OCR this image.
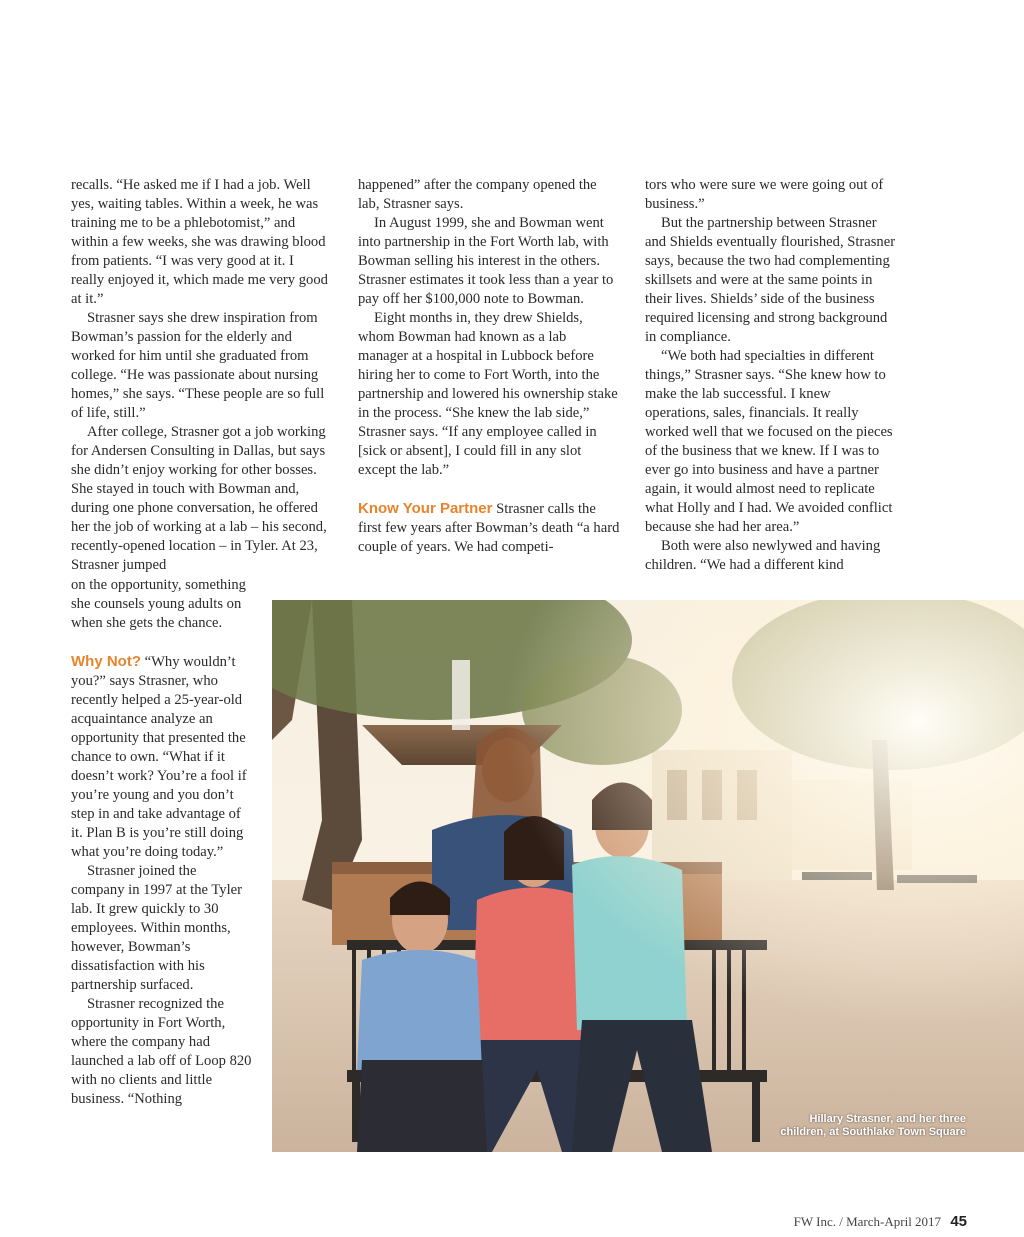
recalls. “He asked me if I had a job. Well yes, waiting tables. Within a week, he was training me to be a phlebotomist,” and within a few weeks, she was drawing blood from patients. “I was very good at it. I really enjoyed it, which made me very good at it.”

Strasner says she drew inspiration from Bowman’s passion for the elderly and worked for him until she graduated from college. “He was passionate about nursing homes,” she says. “These people are so full of life, still.”

After college, Strasner got a job working for Andersen Consulting in Dallas, but says she didn’t enjoy working for other bosses. She stayed in touch with Bowman and, during one phone conversation, he offered her the job of working at a lab – his second, recently-opened location – in Tyler. At 23, Strasner jumped

on the opportunity, something she counsels young adults on when she gets the chance.

Why Not? “Why wouldn’t you?” says Strasner, who recently helped a 25-year-old acquaintance analyze an opportunity that presented the chance to own. “What if it doesn’t work? You’re a fool if you’re young and you don’t step in and take advantage of it. Plan B is you’re still doing what you’re doing today.”

Strasner joined the company in 1997 at the Tyler lab. It grew quickly to 30 employees. Within months, however, Bowman’s dissatisfaction with his partnership surfaced.

Strasner recognized the opportunity in Fort Worth, where the company had launched a lab off of Loop 820 with no clients and little business. “Nothing

happened” after the company opened the lab, Strasner says.

In August 1999, she and Bowman went into partnership in the Fort Worth lab, with Bowman selling his interest in the others. Strasner estimates it took less than a year to pay off her $100,000 note to Bowman.

Eight months in, they drew Shields, whom Bowman had known as a lab manager at a hospital in Lubbock before hiring her to come to Fort Worth, into the partnership and lowered his ownership stake in the process. “She knew the lab side,” Strasner says. “If any employee called in [sick or absent], I could fill in any slot except the lab.”

Know Your Partner Strasner calls the first few years after Bowman’s death “a hard couple of years. We had competi-

tors who were sure we were going out of business.”

But the partnership between Strasner and Shields eventually flourished, Strasner says, because the two had complementing skillsets and were at the same points in their lives. Shields’ side of the business required licensing and strong background in compliance.

“We both had specialties in different things,” Strasner says. “She knew how to make the lab successful. I knew operations, sales, financials. It really worked well that we focused on the pieces of the business that we knew. If I was to ever go into business and have a partner again, it would almost need to replicate what Holly and I had. We avoided conflict because she had her area.”

Both were also newlywed and having children. “We had a different kind

Hillary Strasner, and her three
children, at Southlake Town Square
FW Inc. / March-April 2017 45
